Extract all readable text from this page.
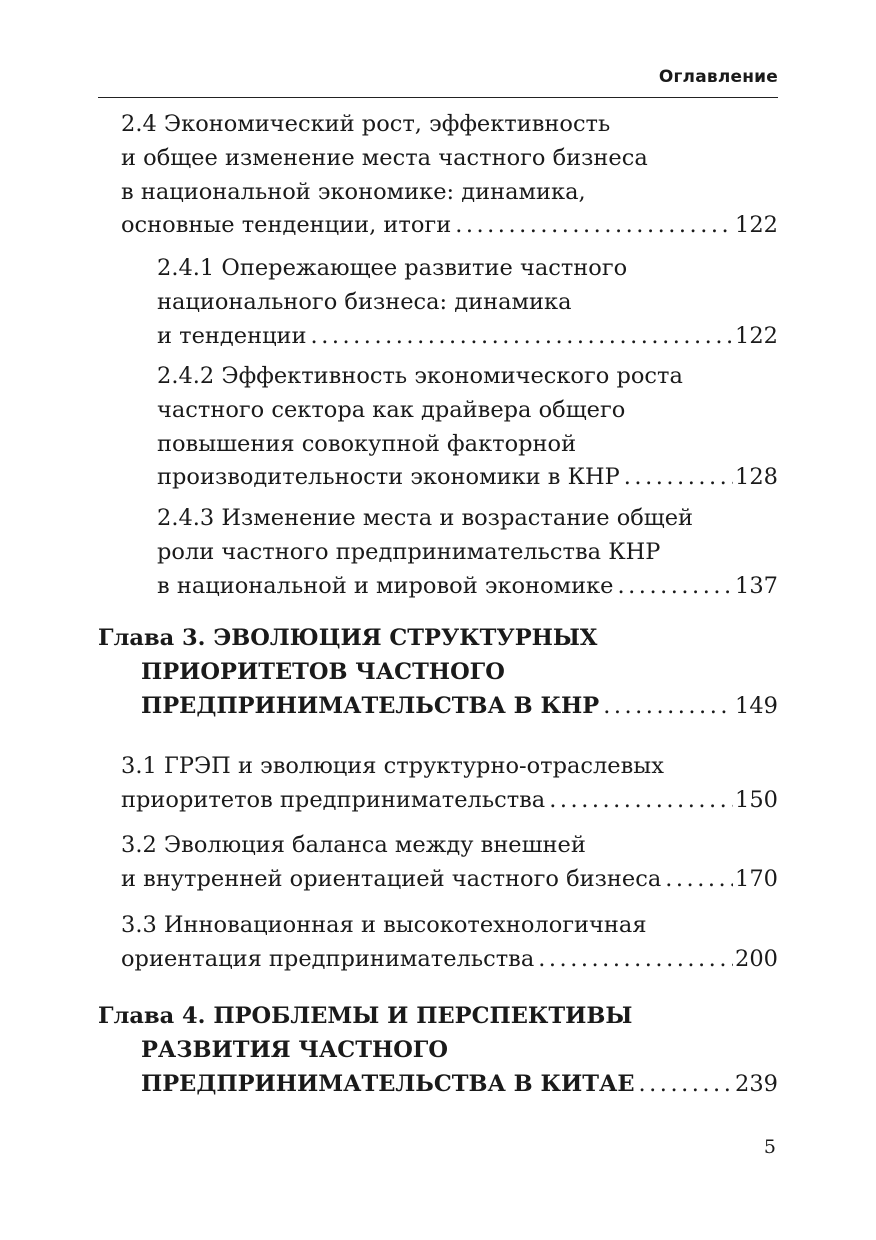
Оглавление
2.4 Экономический рост, эффективность
и общее изменение места частного бизнеса
в национальной экономике: динамика,
основные тенденции, итоги .....	122
2.4.1 Опережающее развитие частного
национального бизнеса: динамика
и тенденции .....	122
2.4.2 Эффективность экономического роста
частного сектора как драйвера общего
повышения совокупной факторной
производительности экономики в КНР .....	128
2.4.3 Изменение места и возрастание общей
роли частного предпринимательства КНР
в национальной и мировой экономике .....	137
Глава 3. ЭВОЛЮЦИЯ СТРУКТУРНЫХ
ПРИОРИТЕТОВ ЧАСТНОГО
ПРЕДПРИНИМАТЕЛЬСТВА В КНР .....	149
3.1 ГРЭП и эволюция структурно-отраслевых
приоритетов предпринимательства .....	150
3.2 Эволюция баланса между внешней
и внутренней ориентацией частного бизнеса .....	170
3.3 Инновационная и высокотехнологичная
ориентация предпринимательства .....	200
Глава 4. ПРОБЛЕМЫ И ПЕРСПЕКТИВЫ
РАЗВИТИЯ ЧАСТНОГО
ПРЕДПРИНИМАТЕЛЬСТВА В КИТАЕ .....	239
5
